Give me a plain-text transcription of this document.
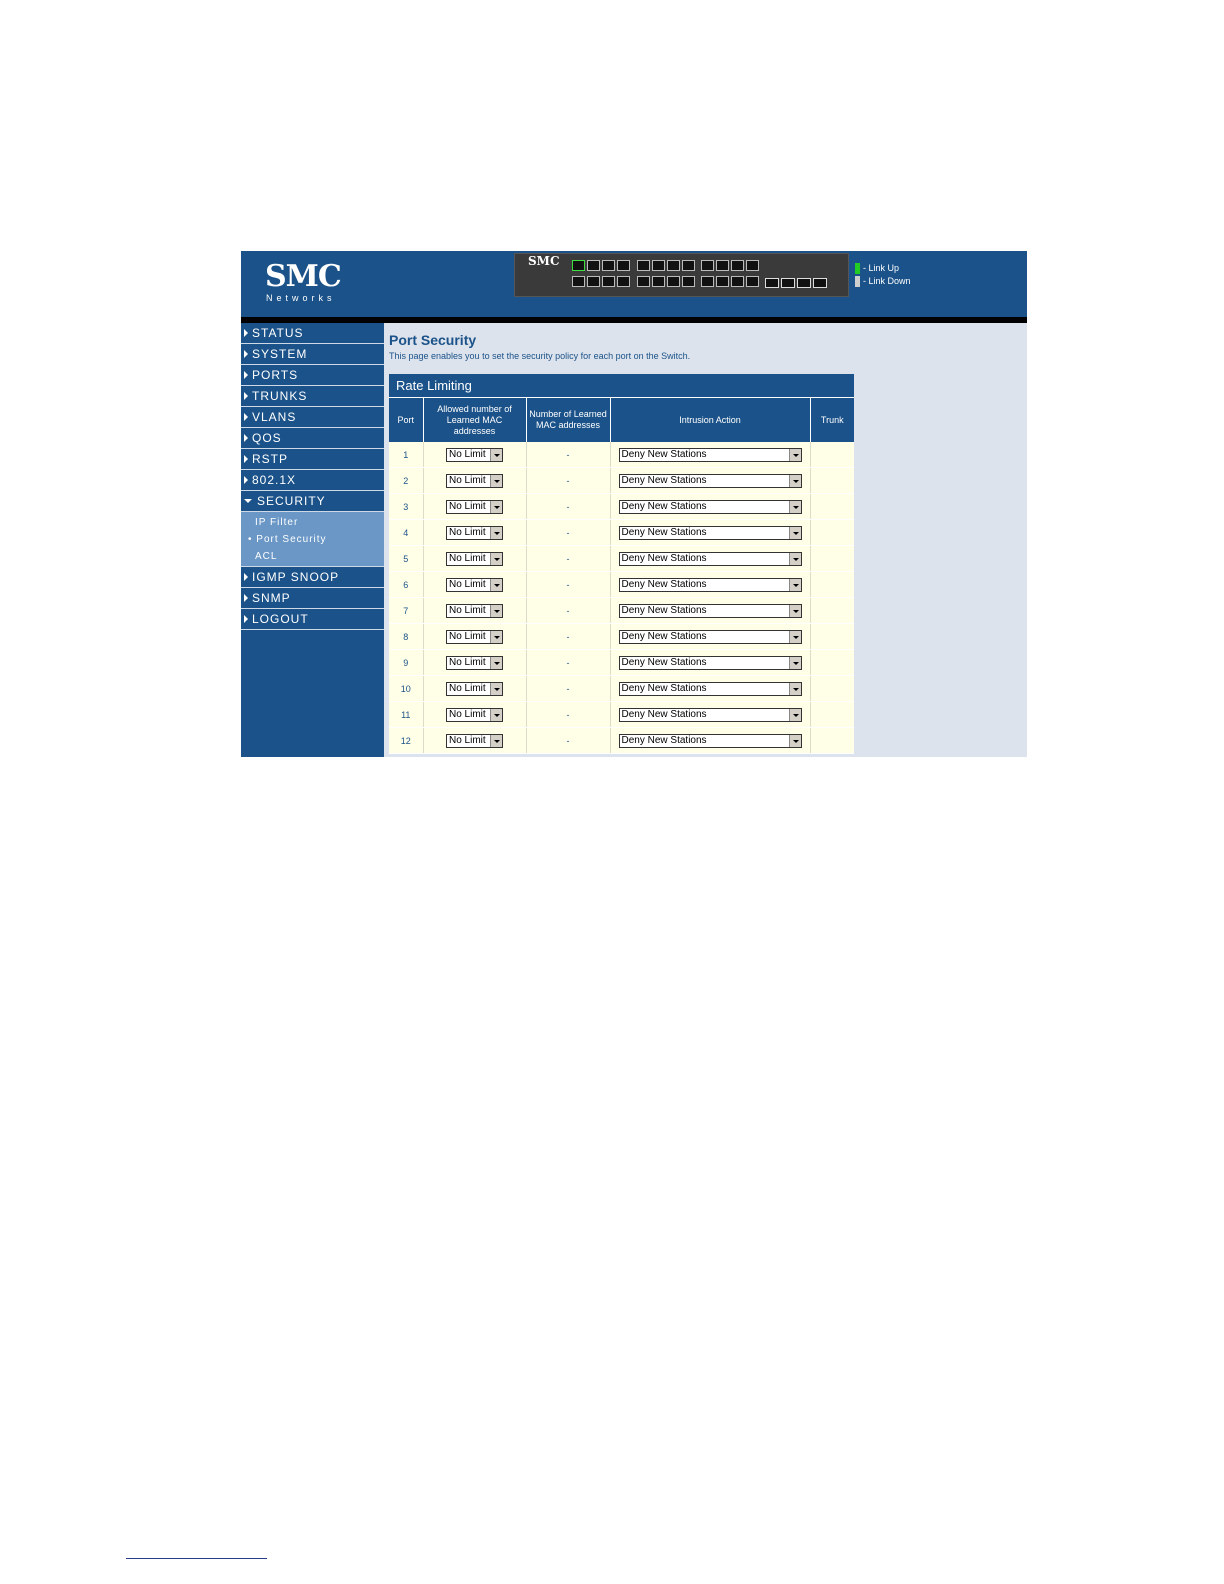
SMC
Networks
SMC	- Link Up
- Link Down
STATUS
SYSTEM
PORTS
TRUNKS
VLANS
QOS
RSTP
802.1X
SECURITY
IP Filter
• Port Security
ACL
IGMP SNOOP
SNMP
LOGOUT
Port Security
This page enables you to set the security policy for each port on the Switch.
Rate Limiting
Port	Allowed number of Learned MAC addresses	Number of Learned MAC addresses	Intrusion Action	Trunk
1	No Limit	-	Deny New Stations

2	No Limit	-	Deny New Stations

3	No Limit	-	Deny New Stations

4	No Limit	-	Deny New Stations

5	No Limit	-	Deny New Stations

6	No Limit	-	Deny New Stations

7	No Limit	-	Deny New Stations

8	No Limit	-	Deny New Stations

9	No Limit	-	Deny New Stations

10	No Limit	-	Deny New Stations

11	No Limit	-	Deny New Stations

12	No Limit	-	Deny New Stations
